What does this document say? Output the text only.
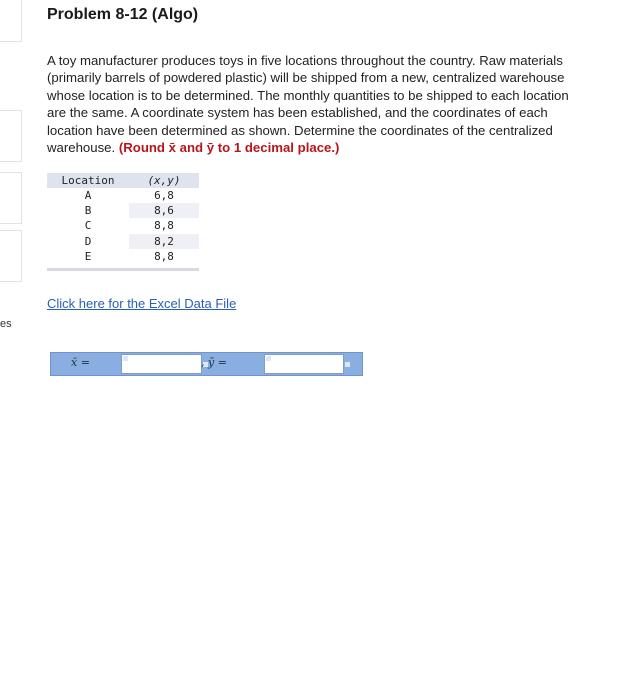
es
Problem 8-12 (Algo)
A toy manufacturer produces toys in five locations throughout the country. Raw materials (primarily barrels of powdered plastic) will be shipped from a new, centralized warehouse whose location is to be determined. The monthly quantities to be shipped to each location are the same. A coordinate system has been established, and the coordinates of each location have been determined as shown. Determine the coordinates of the centralized warehouse. (Round x̄ and ȳ to 1 decimal place.)
Location	(x,y)
A	6,8
B	8,6
C	8,8
D	8,2
E	8,8
Click here for the Excel Data File
x̄ =	, ȳ =
